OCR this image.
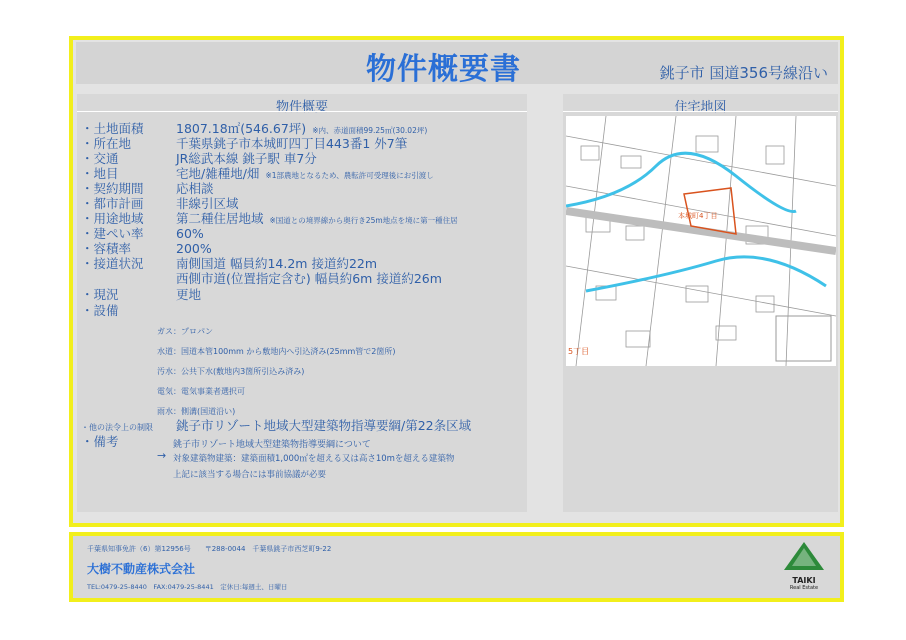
物件概要書	銚子市 国道356号線沿い
物件概要
・土地面積	1807.18㎡(546.67坪) ※内、赤道面積99.25㎡(30.02坪)
・所在地	千葉県銚子市本城町四丁目443番1 外7筆
・交通	JR総武本線 銚子駅 車7分
・地目	宅地/雑種地/畑 ※1部農地となるため、農転許可受理後にお引渡し
・契約期間	応相談
・都市計画	非線引区域
・用途地域	第二種住居地域 ※国道との境界線から奥行き25m地点を境に第一種住居
・建ぺい率	60%
・容積率	200%
・接道状況	南側国道 幅員約14.2m 接道約22m
西側市道(位置指定含む) 幅員約6m 接道約26m
・現況	更地
・設備
ガス：プロパン
水道：国道本管100mm から敷地内へ引込済み(25mm管で2箇所)
汚水：公共下水(敷地内3箇所引込み済み)
電気：電気事業者選択可
雨水：側溝(国道沿い)
・他の法令上の制限 銚子市リゾート地域大型建築物指導要綱/第22条区域
・備考	銚子市リゾート地域大型建築物指導要綱について
→ 対象建築物建築：建築面積1,000㎡を超える又は高さ10mを超える建築物
上記に該当する場合には事前協議が必要
住宅地図
本城町4丁目
5丁目
千葉県知事免許（6）第12956号　　〒288-0044　千葉県銚子市西芝町9-22
大樹不動産株式会社
TEL:0479-25-8440　FAX:0479-25-8441　定休日:毎週土、日曜日
TAIKI
Real Estate
